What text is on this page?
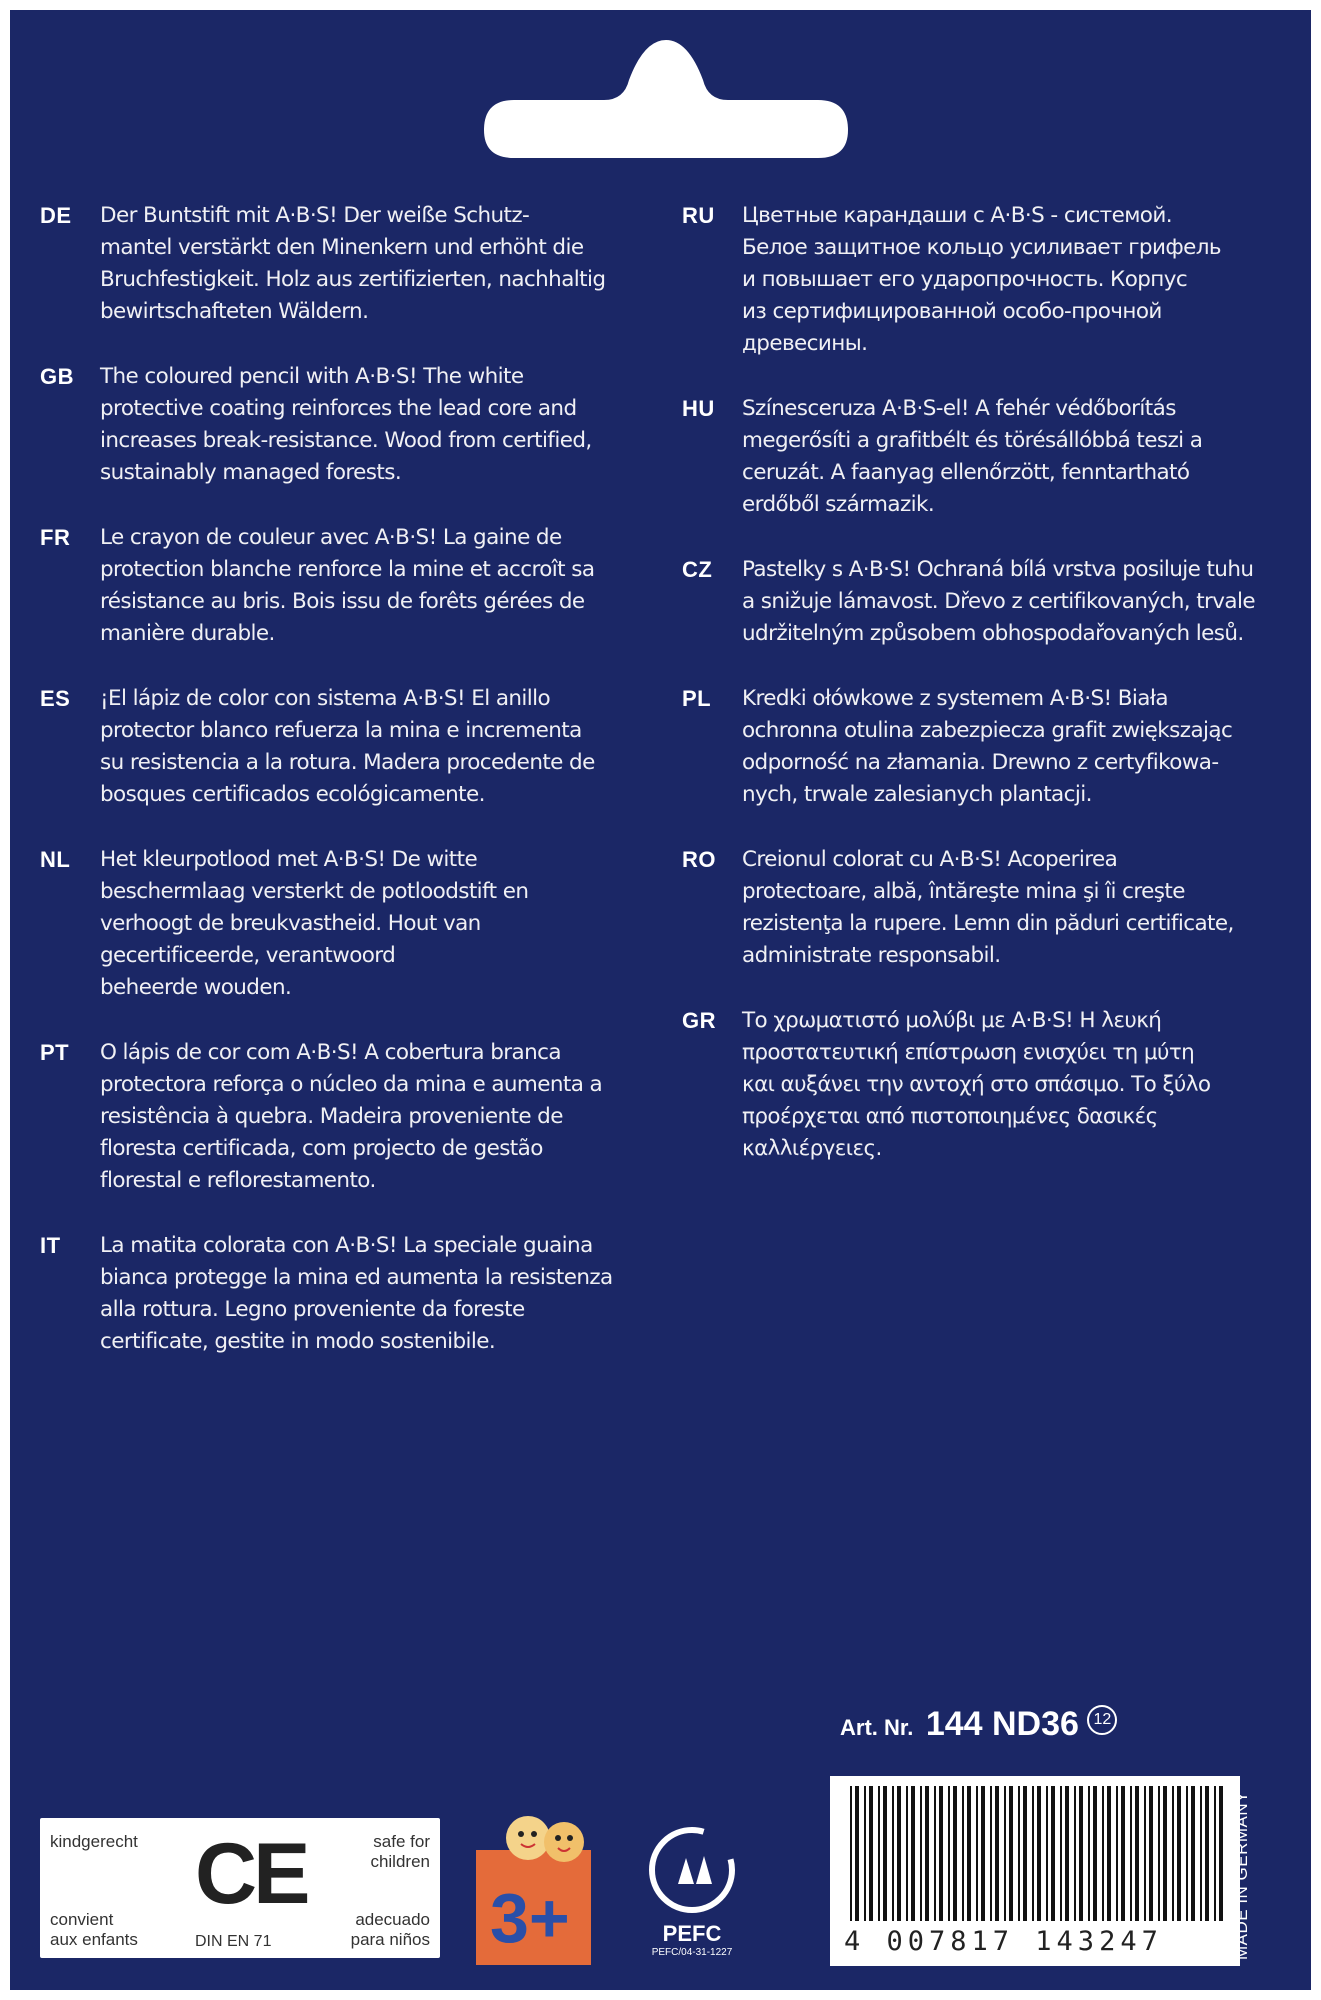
DE	Der Buntstift mit A·B·S! Der weiße Schutz-
mantel verstärkt den Minenkern und erhöht die
Bruchfestigkeit. Holz aus zertifizierten, nachhaltig
bewirtschafteten Wäldern.
GB	The coloured pencil with A·B·S! The white
protective coating reinforces the lead core and
increases break-resistance. Wood from certified,
sustainably managed forests.
FR	Le crayon de couleur avec A·B·S! La gaine de
protection blanche renforce la mine et accroît sa
résistance au bris. Bois issu de forêts gérées de
manière durable.
ES	¡El lápiz de color con sistema A·B·S! El anillo
protector blanco refuerza la mina e incrementa
su resistencia a la rotura. Madera procedente de
bosques certificados ecológicamente.
NL	Het kleurpotlood met A·B·S! De witte
beschermlaag versterkt de potloodstift en
verhoogt de breukvastheid. Hout van
gecertificeerde, verantwoord
beheerde wouden.
PT	O lápis de cor com A·B·S! A cobertura branca
protectora reforça o núcleo da mina e aumenta a
resistência à quebra. Madeira proveniente de
floresta certificada, com projecto de gestão
florestal e reflorestamento.
IT	La matita colorata con A·B·S! La speciale guaina
bianca protegge la mina ed aumenta la resistenza
alla rottura. Legno proveniente da foreste
certificate, gestite in modo sostenibile.
RU	Цветные карандаши с A·B·S - системой.
Белое защитное кольцо усиливает грифель
и повышает его ударопрочность. Корпус
из сертифицированной особо-прочной
древесины.
HU	Színesceruza A·B·S-el! A fehér védőborítás
megerősíti a grafitbélt és törésállóbbá teszi a
ceruzát. A faanyag ellenőrzött, fenntartható
erdőből származik.
CZ	Pastelky s A·B·S! Ochraná bílá vrstva posiluje tuhu
a snižuje lámavost. Dřevo z certifikovaných, trvale
udržitelným způsobem obhospodařovaných lesů.
PL	Kredki ołówkowe z systemem A·B·S! Biała
ochronna otulina zabezpiecza grafit zwiększając
odporność na złamania. Drewno z certyfikowa-
nych, trwale zalesianych plantacji.
RO	Creionul colorat cu A·B·S! Acoperirea
protectoare, albă, întăreşte mina şi îi creşte
rezistenţa la rupere. Lemn din păduri certificate,
administrate responsabil.
GR	Το χρωματιστό μολύβι με A·B·S! Η λευκή
προστατευτική επίστρωση ενισχύει τη μύτη
και αυξάνει την αντοχή στο σπάσιμο. Το ξύλο
προέρχεται από πιστοποιημένες δασικές
καλλιέργειες.
Art. Nr. 144 ND36 12
kindgerecht
convient
aux enfants
safe for
children
adecuado
para niños
CE
DIN EN 71	3+	PEFC
PEFC/04-31-1227	4 007817 143247	MADE IN GERMANY
